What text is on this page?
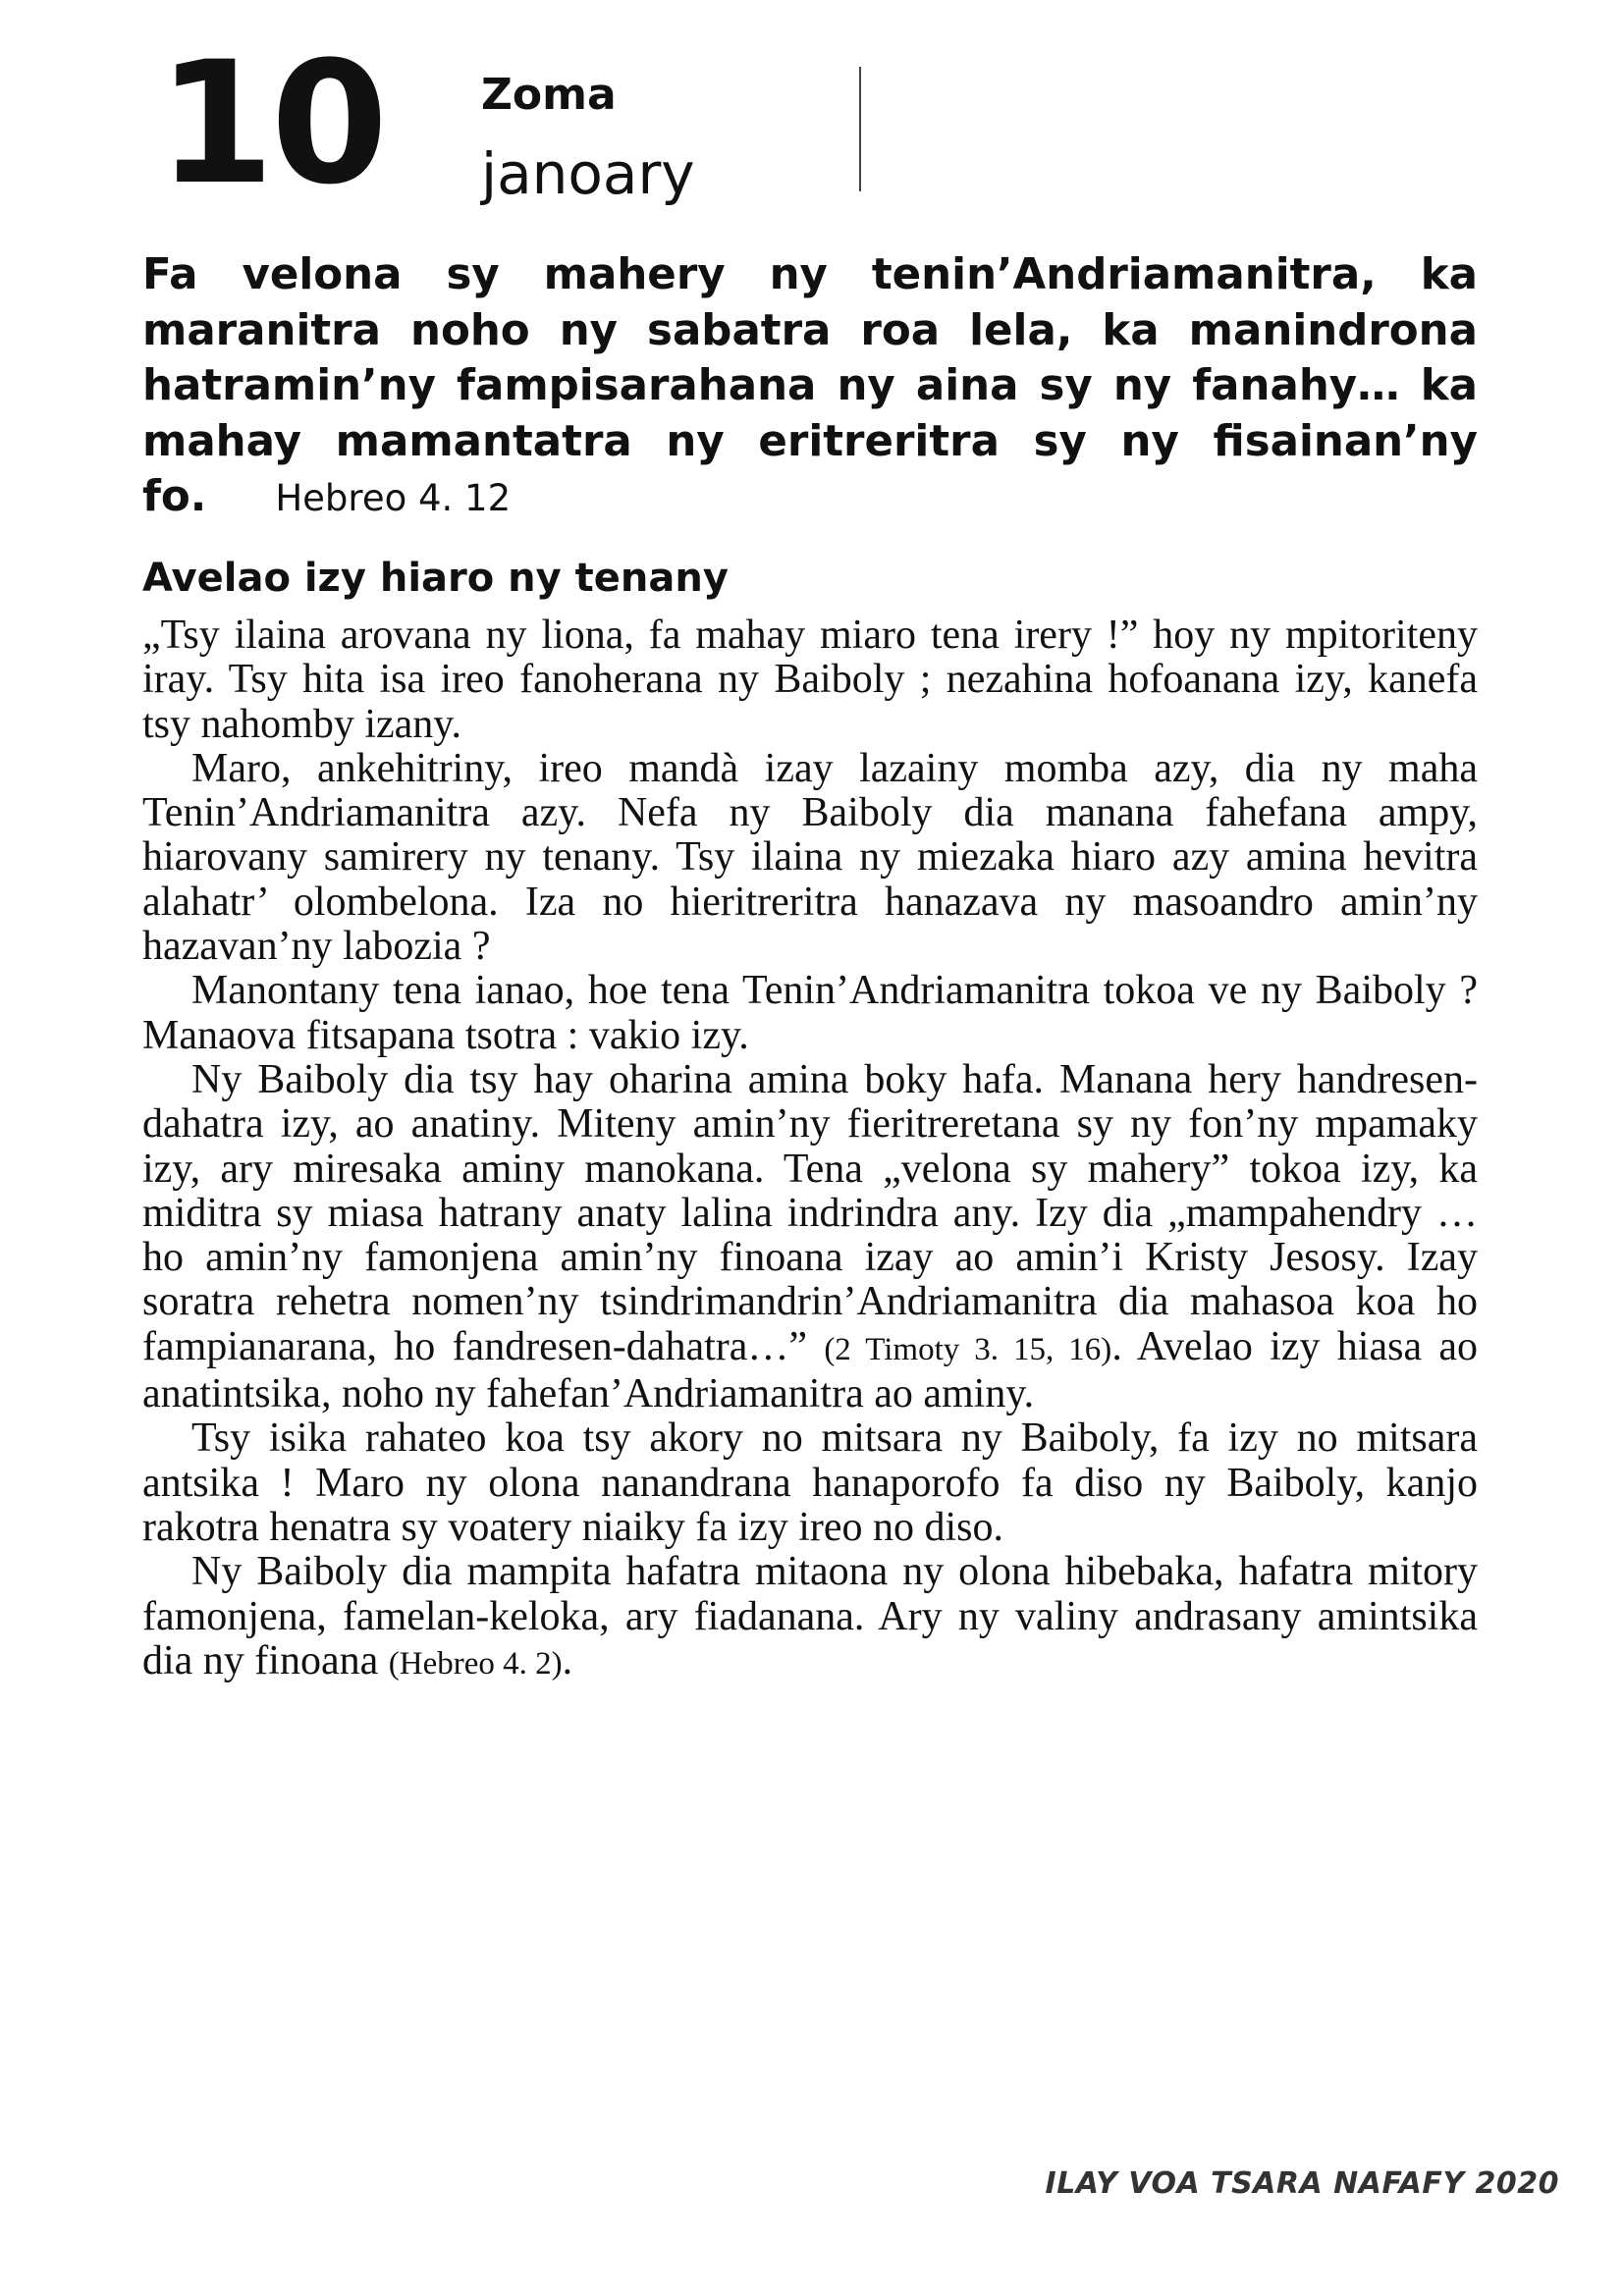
10 Zoma
janoary

Fa velona sy mahery ny tenin’Andriamanitra, ka maranitra noho ny sabatra roa lela, ka manindrona hatramin’ny fampisarahana ny aina sy ny fanahy… ka mahay mamantatra ny eritreritra sy ny fisainan’ny fo. Hebreo 4. 12

Avelao izy hiaro ny tenany

„Tsy ilaina arovana ny liona, fa mahay miaro tena irery !” hoy ny mpitoriteny iray. Tsy hita isa ireo fanoherana ny Baiboly ; nezahina hofoanana izy, kanefa tsy nahomby izany.

Maro, ankehitriny, ireo mandà izay lazainy momba azy, dia ny maha Tenin’Andriamanitra azy. Nefa ny Baiboly dia manana fahefana ampy, hiarovany samirery ny tenany. Tsy ilaina ny miezaka hiaro azy amina hevitra alahatr’ olombelona. Iza no hieritreritra hanazava ny masoandro amin’ny hazavan’ny labozia ?

Manontany tena ianao, hoe tena Tenin’Andriamanitra tokoa ve ny Baiboly ? Manaova fitsapana tsotra : vakio izy.

Ny Baiboly dia tsy hay oharina amina boky hafa. Manana hery handresen-dahatra izy, ao anatiny. Miteny amin’ny fieritreretana sy ny fon’ny mpamaky izy, ary miresaka aminy manokana. Tena „velona sy mahery” tokoa izy, ka miditra sy miasa hatrany anaty lalina indrindra any. Izy dia „mampahendry … ho amin’ny famonjena amin’ny finoana izay ao amin’i Kristy Jesosy. Izay soratra rehetra nomen’ny tsindrimandrin’Andriamanitra dia mahasoa koa ho fampianarana, ho fandresen-dahatra…” (2 Timoty 3. 15, 16). Avelao izy hiasa ao anatintsika, noho ny fahefan’Andriamanitra ao aminy.

Tsy isika rahateo koa tsy akory no mitsara ny Baiboly, fa izy no mitsara antsika ! Maro ny olona nanandrana hanaporofo fa diso ny Baiboly, kanjo rakotra henatra sy voatery niaiky fa izy ireo no diso.

Ny Baiboly dia mampita hafatra mitaona ny olona hibebaka, hafatra mitory famonjena, famelan-keloka, ary fiadanana. Ary ny valiny andrasany amintsika dia ny finoana (Hebreo 4. 2).

ILAY VOA TSARA NAFAFY 2020
